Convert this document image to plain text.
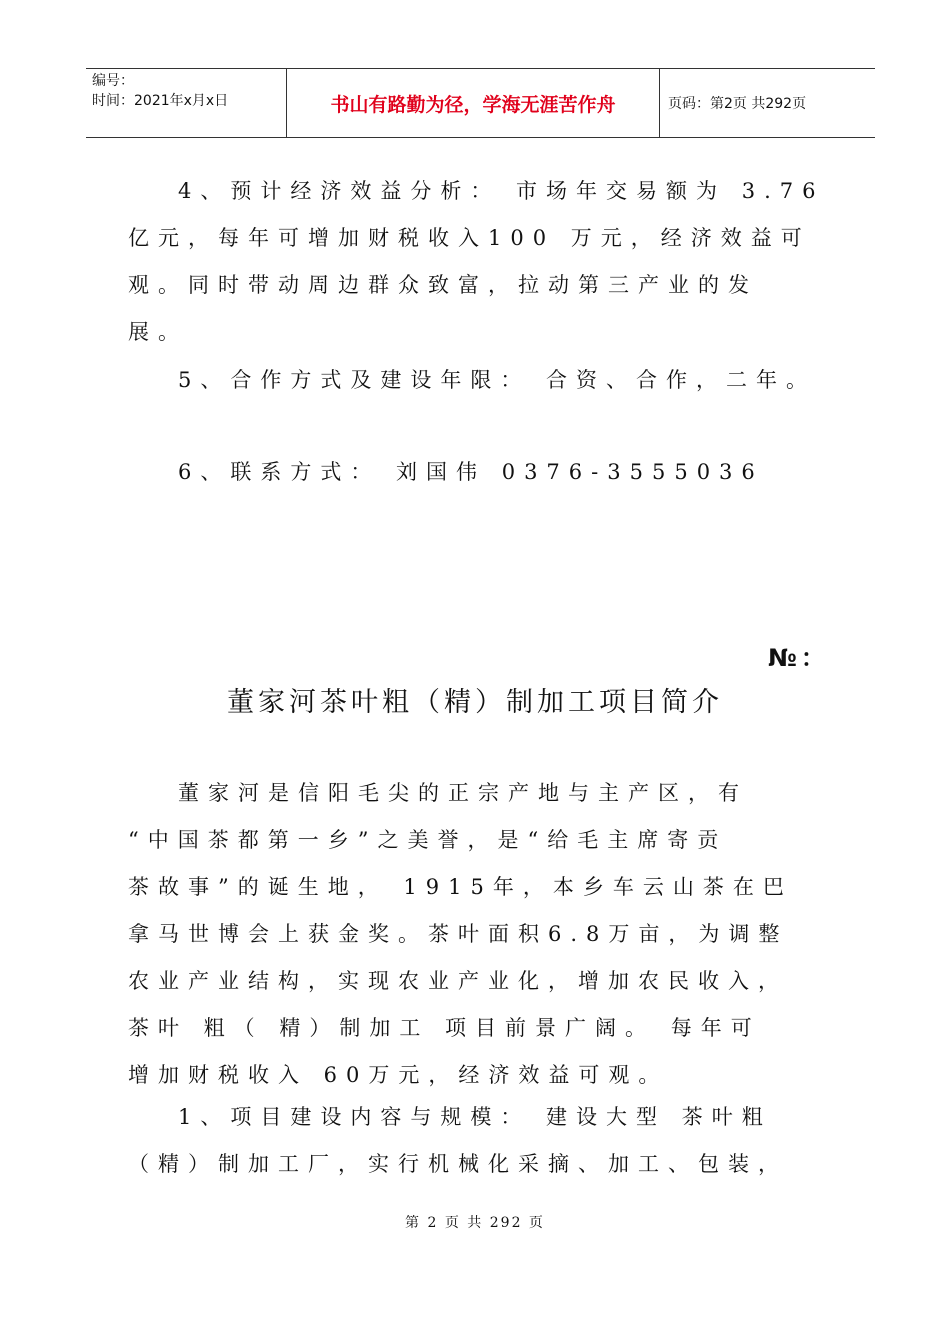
编号：
时间：2021年x月x日	书山有路勤为径，学海无涯苦作舟	页码：第2页 共292页
4、预计经济效益分析： 市场年交易额为 3.76
亿元，每年可增加财税收入100 万元，经济效益可
观。同时带动周边群众致富，拉动第三产业的发
展。
5、合作方式及建设年限： 合资、合作，二年。
6、联系方式： 刘国伟 0376-3555036
№：
董家河茶叶粗（精）制加工项目简介
董家河是信阳毛尖的正宗产地与主产区，有
“中国茶都第一乡”之美誉，是“给毛主席寄贡
茶故事”的诞生地， 1915年，本乡车云山茶在巴
拿马世博会上获金奖。茶叶面积6.8万亩，为调整
农业产业结构，实现农业产业化，增加农民收入，
茶叶 粗（ 精）制加工 项目前景广阔。 每年可
增加财税收入 60万元，经济效益可观。
1、项目建设内容与规模： 建设大型 茶叶粗
（精）制加工厂，实行机械化采摘、加工、包装，
第 2 页 共 292 页
